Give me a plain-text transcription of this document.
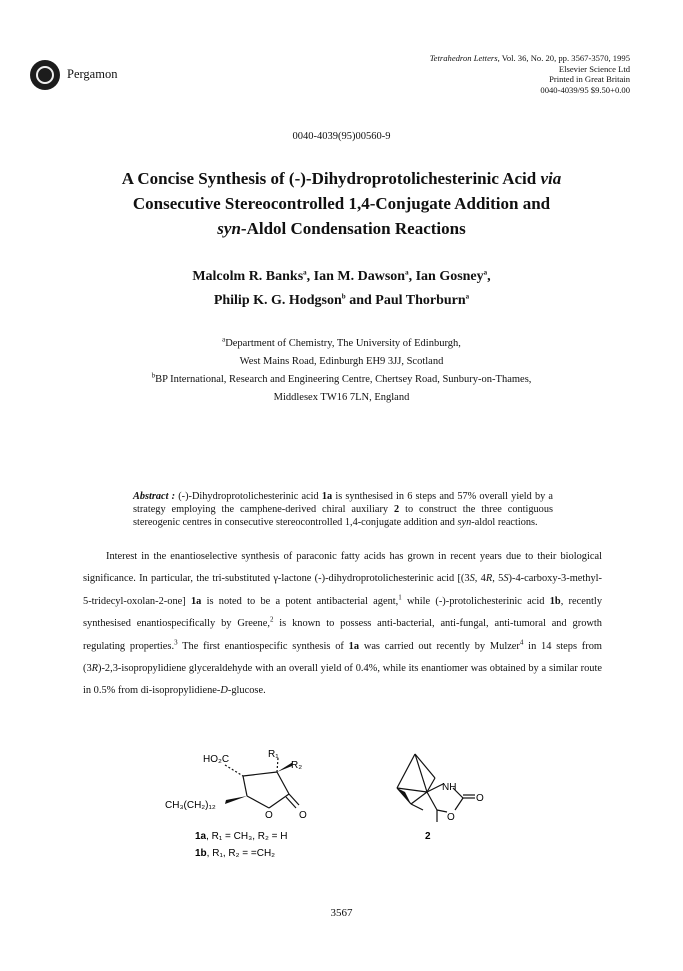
Pergamon
Tetrahedron Letters, Vol. 36, No. 20, pp. 3567-3570, 1995
Elsevier Science Ltd
Printed in Great Britain
0040-4039/95 $9.50+0.00
0040-4039(95)00560-9
A Concise Synthesis of (-)-Dihydroprotolichesterinic Acid via
Consecutive Stereocontrolled 1,4-Conjugate Addition and
syn-Aldol Condensation Reactions
Malcolm R. Banks$^a$, Ian M. Dawson$^a$, Ian Gosney$^a$,
Philip K. G. Hodgson$^b$ and Paul Thorburn$^a$
$^a$Department of Chemistry, The University of Edinburgh,
West Mains Road, Edinburgh EH9 3JJ, Scotland
$^b$BP International, Research and Engineering Centre, Chertsey Road, Sunbury-on-Thames,
Middlesex TW16 7LN, England
Abstract : (-)-Dihydroprotolichesterinic acid 1a is synthesised in 6 steps and 57% overall yield by a strategy employing the camphene-derived chiral auxiliary 2 to construct the three contiguous stereogenic centres in consecutive stereocontrolled 1,4-conjugate addition and syn-aldol reactions.

Interest in the enantioselective synthesis of paraconic fatty acids has grown in recent years due to their biological significance. In particular, the tri-substituted γ-lactone (-)-dihydroprotolichesterinic acid [(3S, 4R, 5S)-4-carboxy-3-methyl-5-tridecyl-oxolan-2-one] 1a is noted to be a potent antibacterial agent,$^1$ while (-)-protolichesterinic acid 1b, recently synthesised enantiospecifically by Greene,$^2$ is known to possess anti-bacterial, anti-fungal, anti-tumoral and growth regulating properties.$^3$ The first enantiospecific synthesis of 1a was carried out recently by Mulzer$^4$ in 14 steps from (3R)-2,3-isopropylidiene glyceraldehyde with an overall yield of 0.4%, while its enantiomer was obtained by a similar route in 0.5% from di-isopropylidiene-D-glucose.

HO₂C	R₁
R₂
CH₃(CH₂)₁₂
O	O
NH
O
O
1a, R₁ = CH₃, R₂ = H
1b, R₁, R₂ = =CH₂
2
3567
